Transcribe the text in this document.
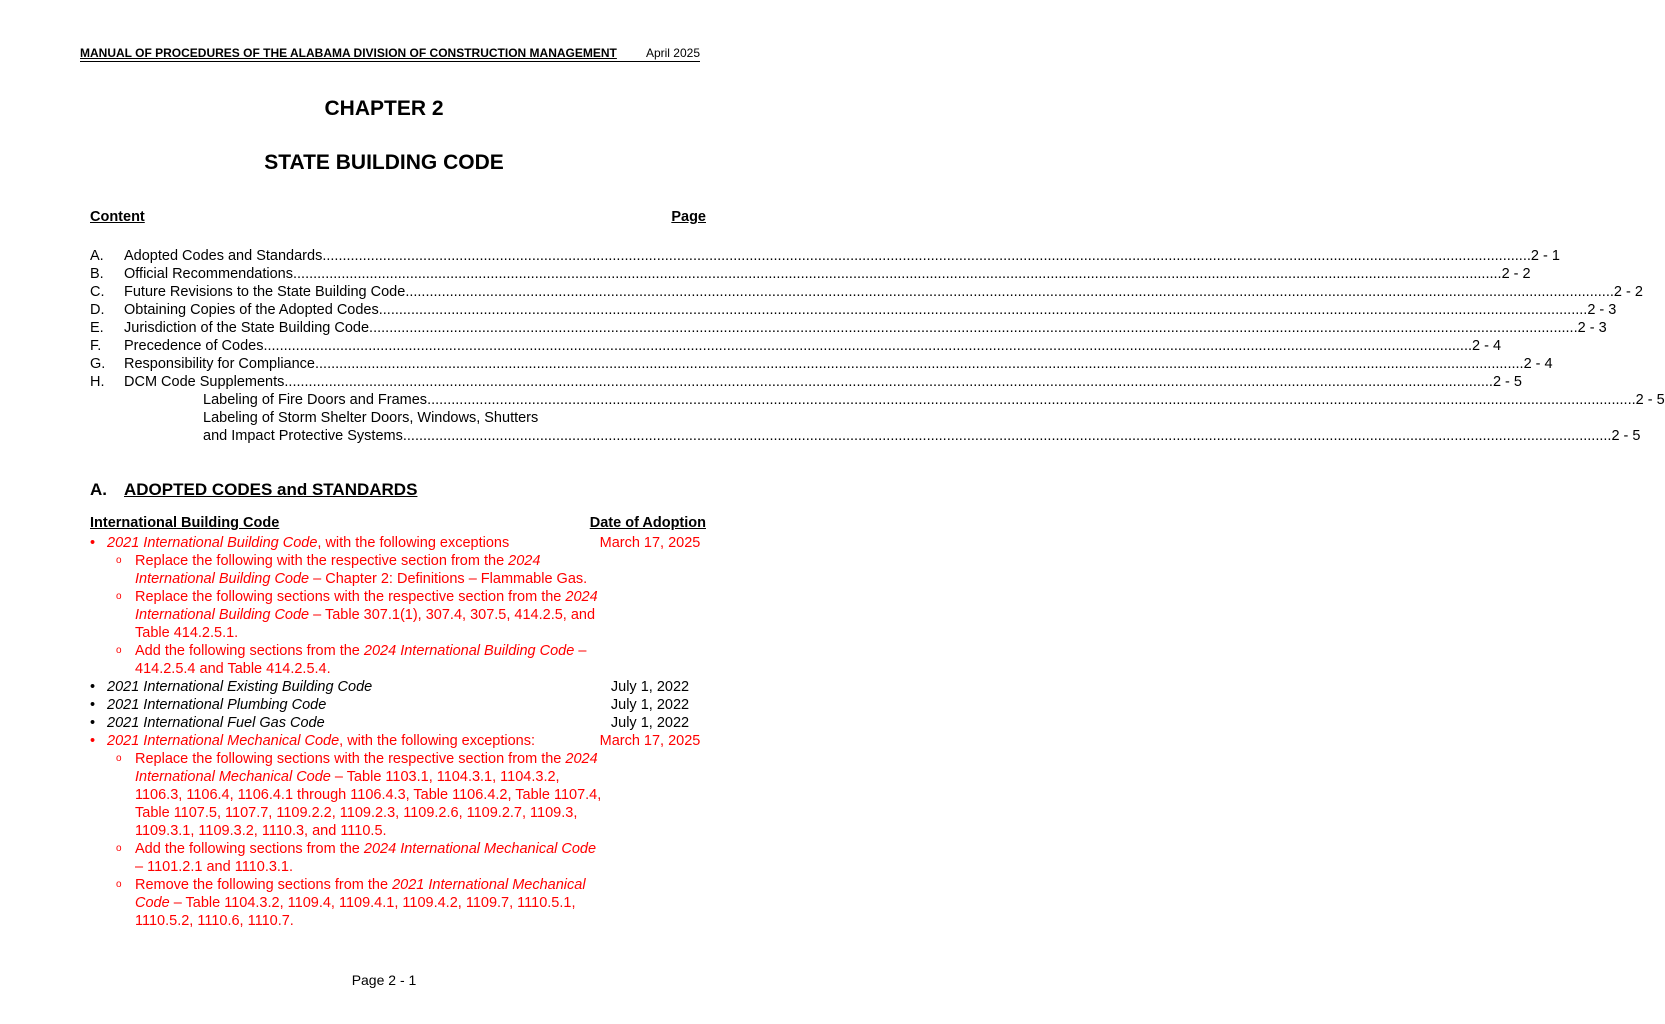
MANUAL OF PROCEDURES OF THE ALABAMA DIVISION OF CONSTRUCTION MANAGEMENT April 2025
CHAPTER 2
STATE BUILDING CODE
Content	Page
A.	Adopted Codes and Standards ............................................................................................................................................................................................................................................................................................................ 2 - 1
B.	Official Recommendations ............................................................................................................................................................................................................................................................................................................ 2 - 2
C.	Future Revisions to the State Building Code ............................................................................................................................................................................................................................................................................................................ 2 - 2
D.	Obtaining Copies of the Adopted Codes ............................................................................................................................................................................................................................................................................................................ 2 - 3
E.	Jurisdiction of the State Building Code ............................................................................................................................................................................................................................................................................................................ 2 - 3
F.	Precedence of Codes ............................................................................................................................................................................................................................................................................................................ 2 - 4
G.	Responsibility for Compliance ............................................................................................................................................................................................................................................................................................................ 2 - 4
H.	DCM Code Supplements ............................................................................................................................................................................................................................................................................................................ 2 - 5
Labeling of Fire Doors and Frames ............................................................................................................................................................................................................................................................................................................ 2 - 5
Labeling of Storm Shelter Doors, Windows, Shutters
and Impact Protective Systems ............................................................................................................................................................................................................................................................................................................ 2 - 5
A. ADOPTED CODES and STANDARDS
International Building Code	Date of Adoption
• 2021 International Building Code, with the following exceptions	March 17, 2025
o Replace the following with the respective section from the 2024 International Building Code – Chapter 2: Definitions – Flammable Gas.
o Replace the following sections with the respective section from the 2024 International Building Code – Table 307.1(1), 307.4, 307.5, 414.2.5, and Table 414.2.5.1.
o Add the following sections from the 2024 International Building Code – 414.2.5.4 and Table 414.2.5.4.
• 2021 International Existing Building Code	July 1, 2022
• 2021 International Plumbing Code	July 1, 2022
• 2021 International Fuel Gas Code	July 1, 2022
• 2021 International Mechanical Code, with the following exceptions:	March 17, 2025
o Replace the following sections with the respective section from the 2024 International Mechanical Code – Table 1103.1, 1104.3.1, 1104.3.2, 1106.3, 1106.4, 1106.4.1 through 1106.4.3, Table 1106.4.2, Table 1107.4, Table 1107.5, 1107.7, 1109.2.2, 1109.2.3, 1109.2.6, 1109.2.7, 1109.3, 1109.3.1, 1109.3.2, 1110.3, and 1110.5.
o Add the following sections from the 2024 International Mechanical Code – 1101.2.1 and 1110.3.1.
o Remove the following sections from the 2021 International Mechanical Code – Table 1104.3.2, 1109.4, 1109.4.1, 1109.4.2, 1109.7, 1110.5.1, 1110.5.2, 1110.6, 1110.7.
Page 2 - 1
